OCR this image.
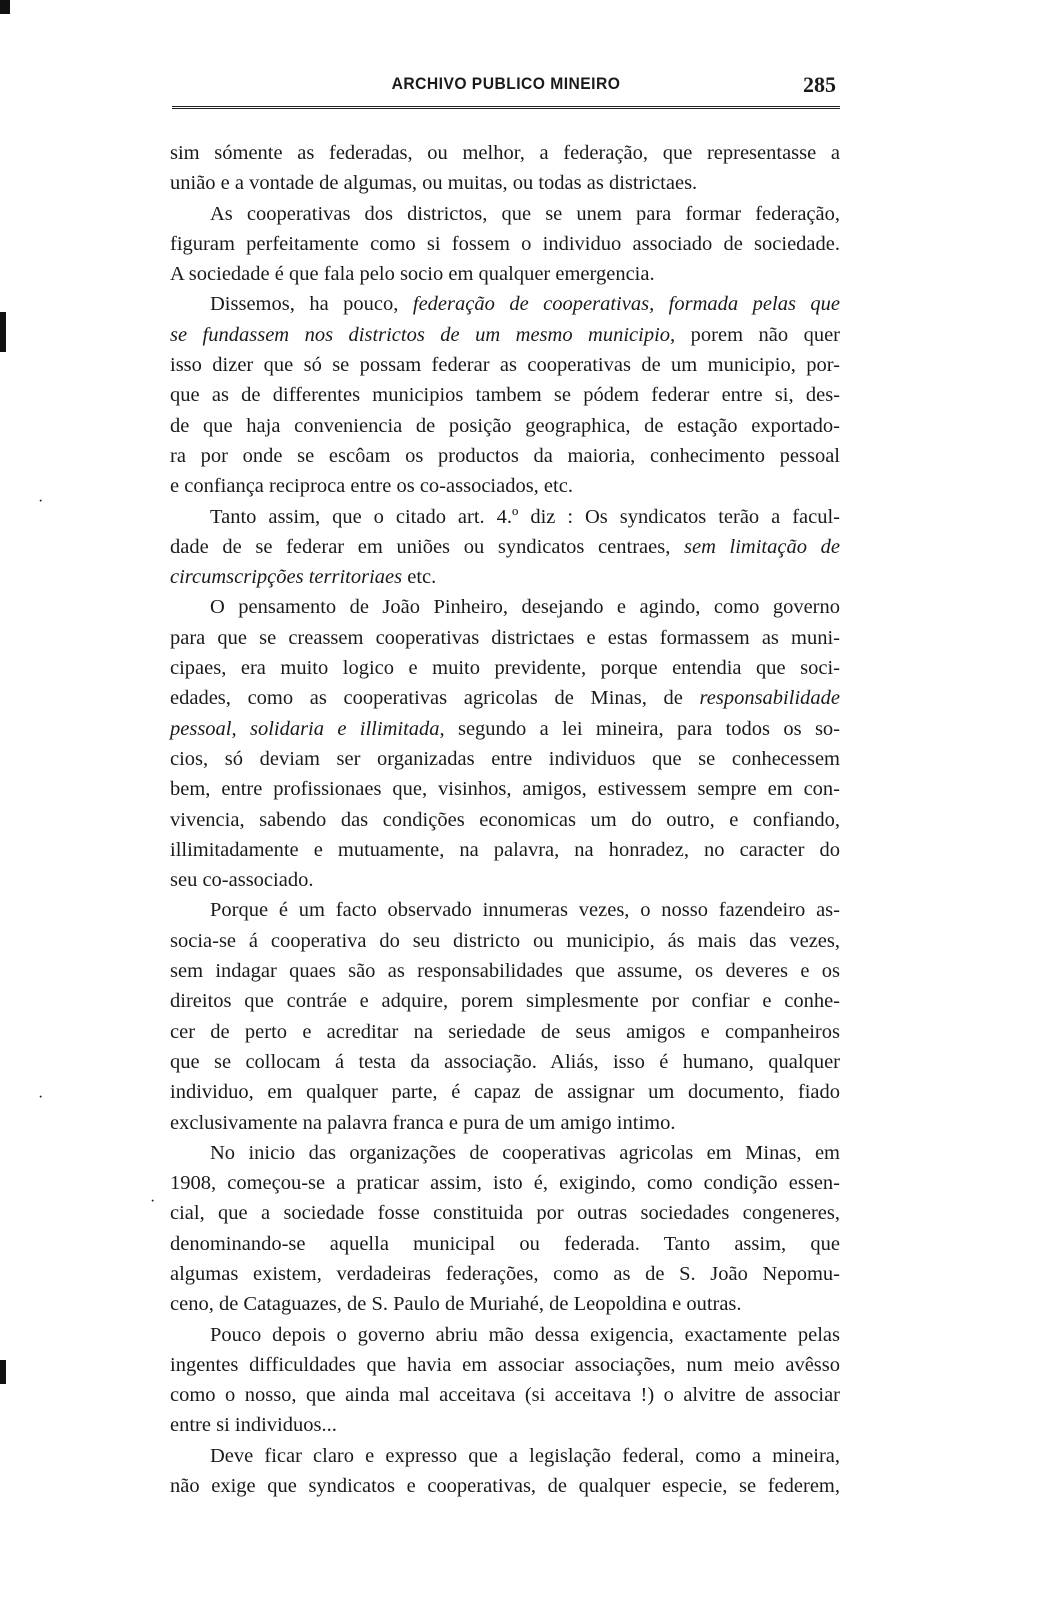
ARCHIVO PUBLICO MINEIRO	285
·
·
·
sim sómente as federadas, ou melhor, a federação, que representasse a
união e a vontade de algumas, ou muitas, ou todas as districtaes.
As cooperativas dos districtos, que se unem para formar federação,
figuram perfeitamente como si fossem o individuo associado de sociedade.
A sociedade é que fala pelo socio em qualquer emergencia.
Dissemos, ha pouco, federação de cooperativas, formada pelas que
se fundassem nos districtos de um mesmo municipio, porem não quer
isso dizer que só se possam federar as cooperativas de um municipio, por-
que as de differentes municipios tambem se pódem federar entre si, des-
de que haja conveniencia de posição geographica, de estação exportado-
ra por onde se escôam os productos da maioria, conhecimento pessoal
e confiança reciproca entre os co-associados, etc.
Tanto assim, que o citado art. 4.º diz : Os syndicatos terão a facul-
dade de se federar em uniões ou syndicatos centraes, sem limitação de
circumscripções territoriaes etc.
O pensamento de João Pinheiro, desejando e agindo, como governo
para que se creassem cooperativas districtaes e estas formassem as muni-
cipaes, era muito logico e muito previdente, porque entendia que soci-
edades, como as cooperativas agricolas de Minas, de responsabilidade
pessoal, solidaria e illimitada, segundo a lei mineira, para todos os so-
cios, só deviam ser organizadas entre individuos que se conhecessem
bem, entre profissionaes que, visinhos, amigos, estivessem sempre em con-
vivencia, sabendo das condições economicas um do outro, e confiando,
illimitadamente e mutuamente, na palavra, na honradez, no caracter do
seu co-associado.
Porque é um facto observado innumeras vezes, o nosso fazendeiro as-
socia-se á cooperativa do seu districto ou municipio, ás mais das vezes,
sem indagar quaes são as responsabilidades que assume, os deveres e os
direitos que contráe e adquire, porem simplesmente por confiar e conhe-
cer de perto e acreditar na seriedade de seus amigos e companheiros
que se collocam á testa da associação. Aliás, isso é humano, qualquer
individuo, em qualquer parte, é capaz de assignar um documento, fiado
exclusivamente na palavra franca e pura de um amigo intimo.
No inicio das organizações de cooperativas agricolas em Minas, em
1908, começou-se a praticar assim, isto é, exigindo, como condição essen-
cial, que a sociedade fosse constituida por outras sociedades congeneres,
denominando-se aquella municipal ou federada. Tanto assim, que
algumas existem, verdadeiras federações, como as de S. João Nepomu-
ceno, de Cataguazes, de S. Paulo de Muriahé, de Leopoldina e outras.
Pouco depois o governo abriu mão dessa exigencia, exactamente pelas
ingentes difficuldades que havia em associar associações, num meio avêsso
como o nosso, que ainda mal acceitava (si acceitava !) o alvitre de associar
entre si individuos...
Deve ficar claro e expresso que a legislação federal, como a mineira,
não exige que syndicatos e cooperativas, de qualquer especie, se federem,
